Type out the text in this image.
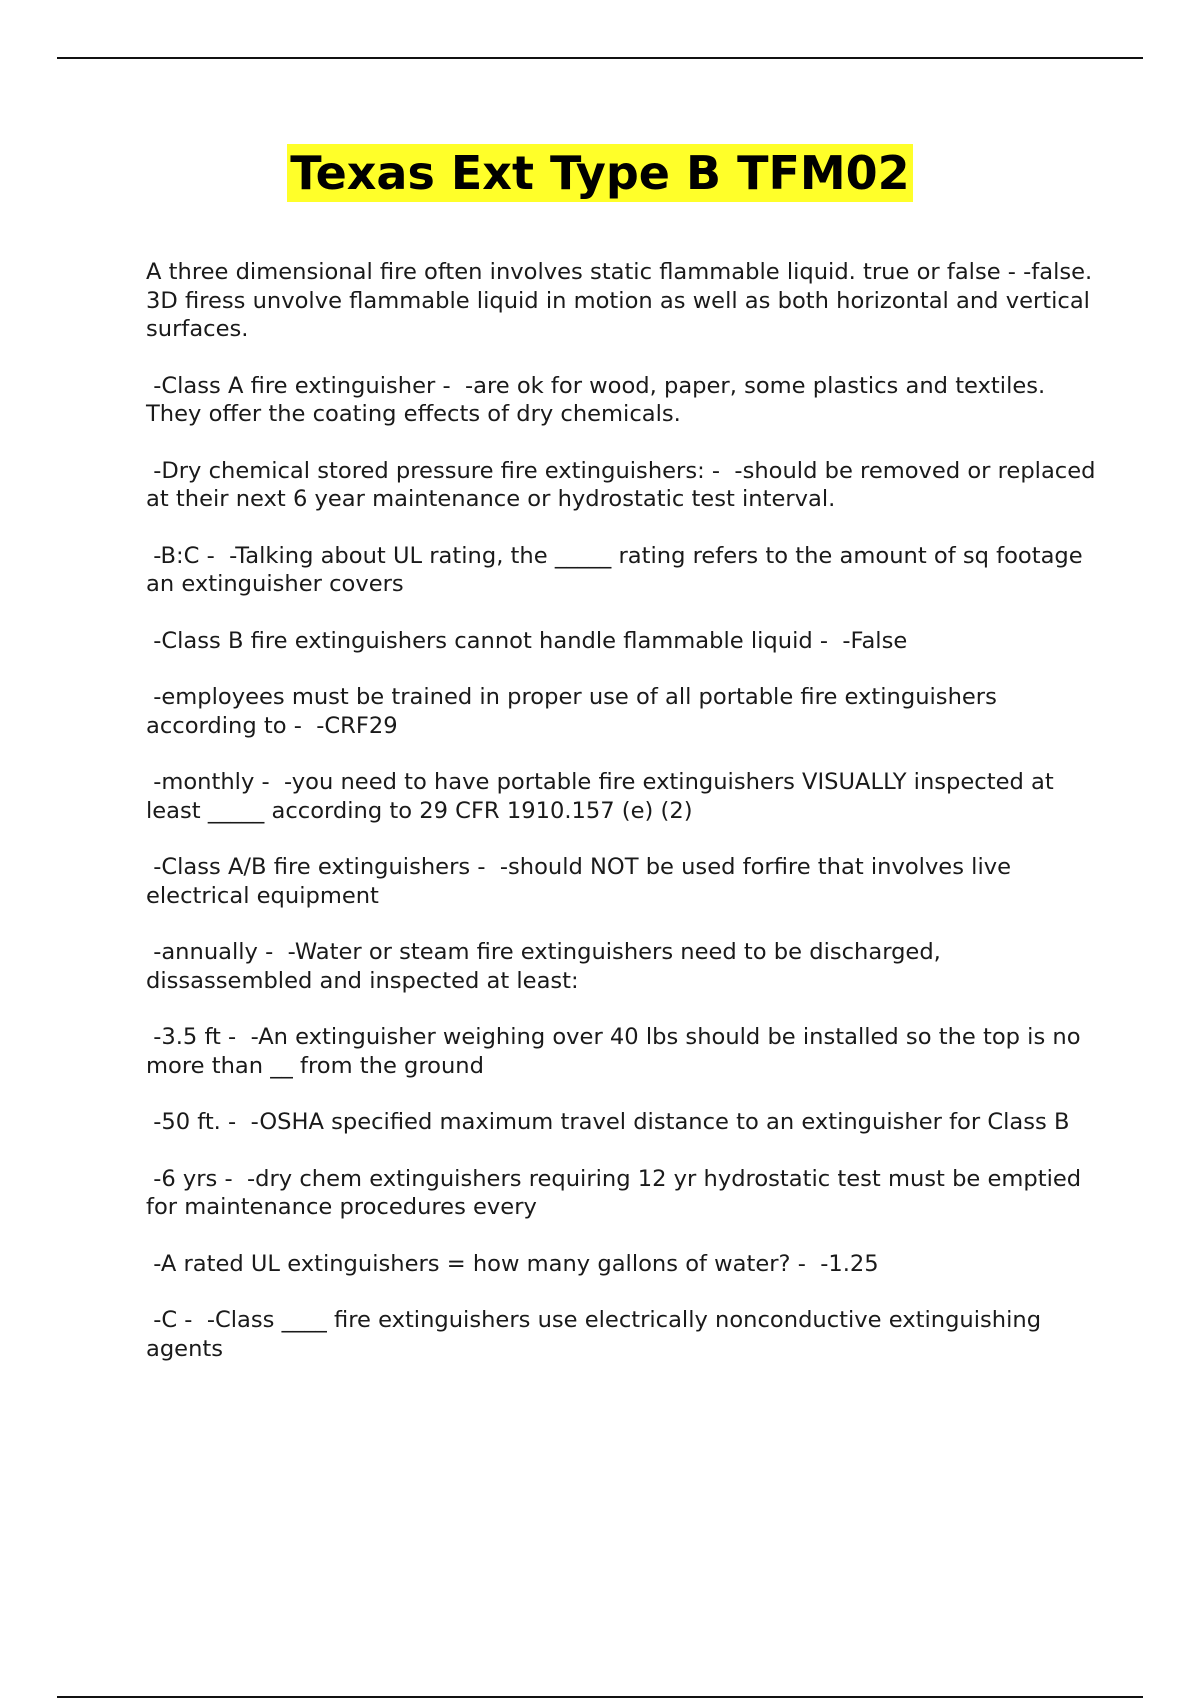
Texas Ext Type B TFM02

A three dimensional fire often involves static flammable liquid. true or false - -false. 3D firess unvolve flammable liquid in motion as well as both horizontal and vertical surfaces.

-Class A fire extinguisher -  -are ok for wood, paper, some plastics and textiles. They offer the coating effects of dry chemicals.

-Dry chemical stored pressure fire extinguishers: -  -should be removed or replaced at their next 6 year maintenance or hydrostatic test interval.

-B:C -  -Talking about UL rating, the _____ rating refers to the amount of sq footage an extinguisher covers

-Class B fire extinguishers cannot handle flammable liquid -  -False

-employees must be trained in proper use of all portable fire extinguishers according to -  -CRF29

-monthly -  -you need to have portable fire extinguishers VISUALLY inspected at least _____ according to 29 CFR 1910.157 (e) (2)

-Class A/B fire extinguishers -  -should NOT be used forfire that involves live electrical equipment

-annually -  -Water or steam fire extinguishers need to be discharged, dissassembled and inspected at least:

-3.5 ft -  -An extinguisher weighing over 40 lbs should be installed so the top is no more than __ from the ground

-50 ft. -  -OSHA specified maximum travel distance to an extinguisher for Class B

-6 yrs -  -dry chem extinguishers requiring 12 yr hydrostatic test must be emptied for maintenance procedures every

-A rated UL extinguishers = how many gallons of water? -  -1.25

-C -  -Class ____ fire extinguishers use electrically nonconductive extinguishing agents
